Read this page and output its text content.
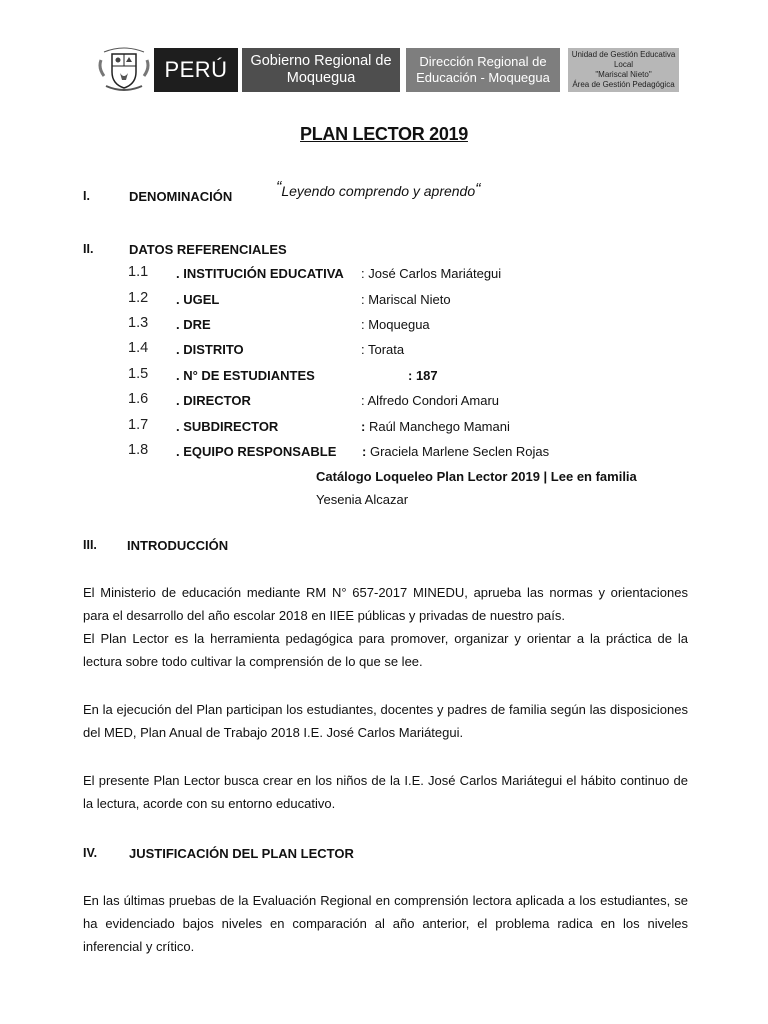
PERÚ Gobierno Regional de
Moquegua
Dirección Regional de
Educación - Moquegua
Unidad de Gestión Educativa Local
"Mariscal Nieto"
Área de Gestión Pedagógica
PLAN LECTOR 2019
I.	DENOMINACIÓN
“Leyendo comprendo y aprendo“
II.	DATOS REFERENCIALES
1.1 . INSTITUCIÓN EDUCATIVA : José Carlos Mariátegui
1.2 . UGEL	: Mariscal Nieto
1.3 . DRE	: Moquegua
1.4 . DISTRITO	: Torata
1.5 . N° DE ESTUDIANTES	: 187
1.6 . DIRECTOR	: Alfredo Condori Amaru
1.7 . SUBDIRECTOR	: Raúl Manchego Mamani
1.8 . EQUIPO RESPONSABLE : Graciela Marlene Seclen Rojas
Catálogo Loqueleo Plan Lector 2019 | Lee en familia
Yesenia Alcazar
III. INTRODUCCIÓN

El Ministerio de educación mediante RM N° 657-2017 MINEDU, aprueba las normas y orientaciones para el desarrollo del año escolar 2018 en IIEE públicas y privadas de nuestro país.

El Plan Lector es la herramienta pedagógica para promover, organizar y orientar a la práctica de la lectura sobre todo cultivar la comprensión de lo que se lee.

En la ejecución del Plan participan los estudiantes, docentes y padres de familia según las disposiciones del MED, Plan Anual de Trabajo 2018 I.E. José Carlos Mariátegui.

El presente Plan Lector busca crear en los niños de la I.E. José Carlos Mariátegui el hábito continuo de la lectura, acorde con su entorno educativo.

IV. JUSTIFICACIÓN DEL PLAN LECTOR

En las últimas pruebas de la Evaluación Regional en comprensión lectora aplicada a los estudiantes, se ha evidenciado bajos niveles en comparación al año anterior, el problema radica en los niveles inferencial y crítico.
